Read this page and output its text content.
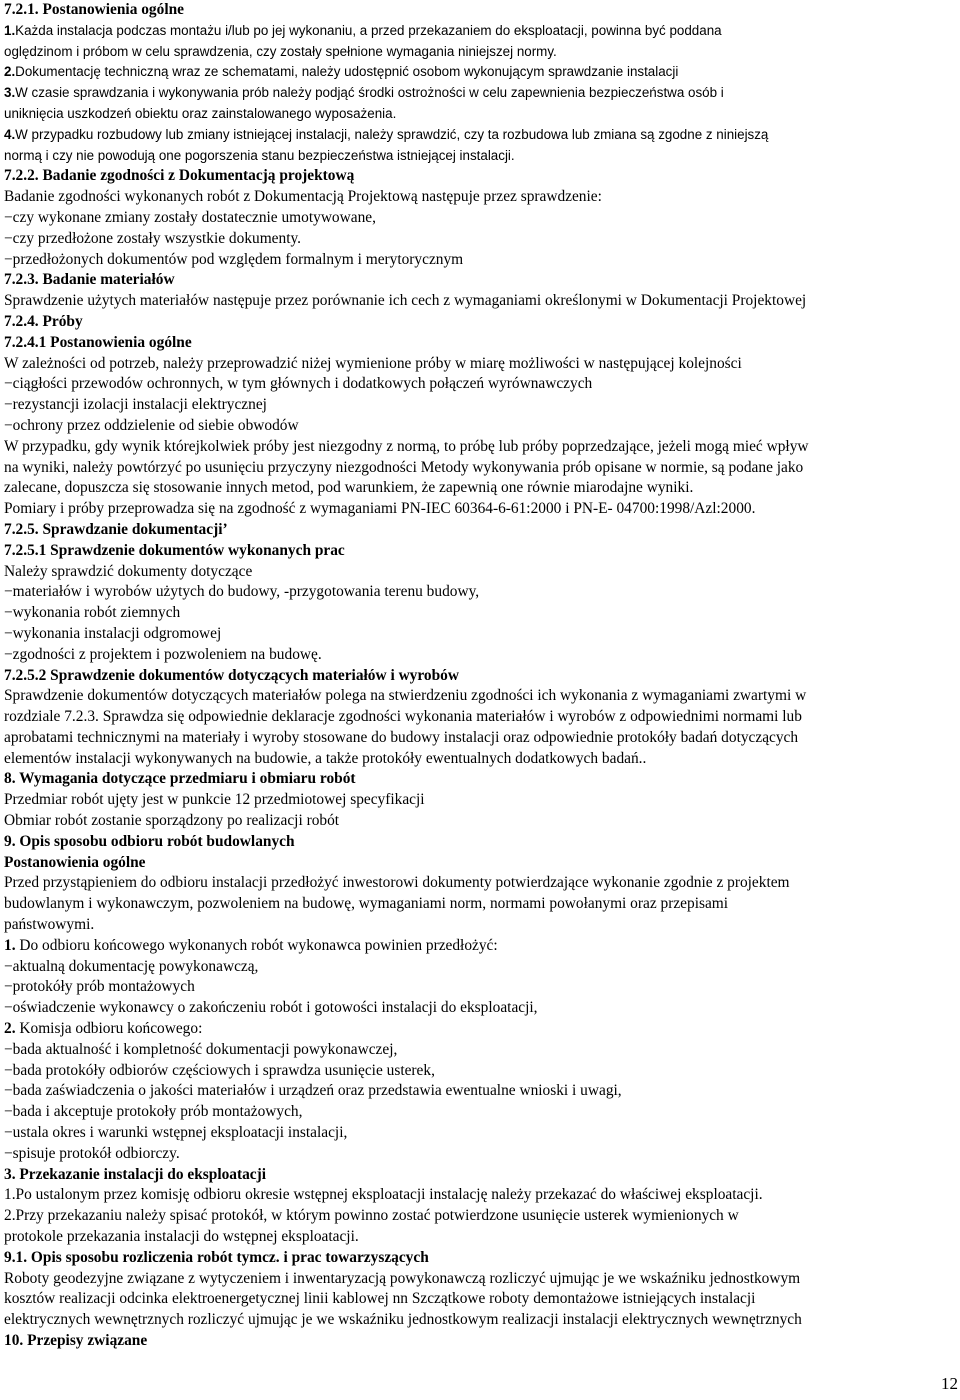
7.2.1. Postanowienia ogólne
1.Każda instalacja podczas montażu i/lub po jej wykonaniu, a przed przekazaniem do eksploatacji, powinna być poddana
oględzinom i próbom w celu sprawdzenia, czy zostały spełnione wymagania niniejszej normy.
2.Dokumentację techniczną wraz ze schematami, należy udostępnić osobom wykonującym sprawdzanie instalacji
3.W czasie sprawdzania i wykonywania prób należy podjąć środki ostrożności w celu zapewnienia bezpieczeństwa osób i
uniknięcia uszkodzeń obiektu oraz zainstalowanego wyposażenia.
4.W przypadku rozbudowy lub zmiany istniejącej instalacji, należy sprawdzić, czy ta rozbudowa lub zmiana są zgodne z niniejszą
normą i czy nie powodują one pogorszenia stanu bezpieczeństwa istniejącej instalacji.
7.2.2. Badanie zgodności z Dokumentacją projektową
Badanie zgodności wykonanych robót z Dokumentacją Projektową następuje przez sprawdzenie:
−czy wykonane zmiany zostały dostatecznie umotywowane,
−czy przedłożone zostały wszystkie dokumenty.
−przedłożonych dokumentów pod względem formalnym i merytorycznym
7.2.3. Badanie materiałów
Sprawdzenie użytych materiałów następuje przez porównanie ich cech z wymaganiami określonymi w Dokumentacji Projektowej
7.2.4. Próby
7.2.4.1 Postanowienia ogólne
W zależności od potrzeb, należy przeprowadzić niżej wymienione próby w miarę możliwości w następującej kolejności
−ciągłości przewodów ochronnych, w tym głównych i dodatkowych połączeń wyrównawczych
−rezystancji izolacji instalacji elektrycznej
−ochrony przez oddzielenie od siebie obwodów
W przypadku, gdy wynik którejkolwiek próby jest niezgodny z normą, to próbę lub próby poprzedzające, jeżeli mogą mieć wpływ
na wyniki, należy powtórzyć po usunięciu przyczyny niezgodności Metody wykonywania prób opisane w normie, są podane jako
zalecane, dopuszcza się stosowanie innych metod, pod warunkiem, że zapewnią one równie miarodajne wyniki.
Pomiary i próby przeprowadza się na zgodność z wymaganiami PN-IEC 60364-6-61:2000 i PN-E- 04700:1998/Azl:2000.
7.2.5. Sprawdzanie dokumentacji’
7.2.5.1 Sprawdzenie dokumentów wykonanych prac
Należy sprawdzić dokumenty dotyczące
−materiałów i wyrobów użytych do budowy, -przygotowania terenu budowy,
−wykonania robót ziemnych
−wykonania instalacji odgromowej
−zgodności z projektem i pozwoleniem na budowę.
7.2.5.2 Sprawdzenie dokumentów dotyczących materiałów i wyrobów
Sprawdzenie dokumentów dotyczących materiałów polega na stwierdzeniu zgodności ich wykonania z wymaganiami zwartymi w
rozdziale 7.2.3. Sprawdza się odpowiednie deklaracje zgodności wykonania materiałów i wyrobów z odpowiednimi normami lub
aprobatami technicznymi na materiały i wyroby stosowane do budowy instalacji oraz odpowiednie protokóły badań dotyczących
elementów instalacji wykonywanych na budowie, a także protokóły ewentualnych dodatkowych badań..
8. Wymagania dotyczące przedmiaru i obmiaru robót
Przedmiar robót ujęty jest w punkcie 12 przedmiotowej specyfikacji
Obmiar robót zostanie sporządzony po realizacji robót
9. Opis sposobu odbioru robót budowlanych
Postanowienia ogólne
Przed przystąpieniem do odbioru instalacji przedłożyć inwestorowi dokumenty potwierdzające wykonanie zgodnie z projektem
budowlanym i wykonawczym, pozwoleniem na budowę, wymaganiami norm, normami powołanymi oraz przepisami
państwowymi.
1. Do odbioru końcowego wykonanych robót wykonawca powinien przedłożyć:
−aktualną dokumentację powykonawczą,
−protokóły prób montażowych
−oświadczenie wykonawcy o zakończeniu robót i gotowości instalacji do eksploatacji,
2. Komisja odbioru końcowego:
−bada aktualność i kompletność dokumentacji powykonawczej,
−bada protokóły odbiorów częściowych i sprawdza usunięcie usterek,
−bada zaświadczenia o jakości materiałów i urządzeń oraz przedstawia ewentualne wnioski i uwagi,
−bada i akceptuje protokoły prób montażowych,
−ustala okres i warunki wstępnej eksploatacji instalacji,
−spisuje protokół odbiorczy.
3. Przekazanie instalacji do eksploatacji
1.Po ustalonym przez komisję odbioru okresie wstępnej eksploatacji instalację należy przekazać do właściwej eksploatacji.
2.Przy przekazaniu należy spisać protokół, w którym powinno zostać potwierdzone usunięcie usterek wymienionych w
protokole przekazania instalacji do wstępnej eksploatacji.
9.1. Opis sposobu rozliczenia robót tymcz. i prac towarzyszących
Roboty geodezyjne związane z wytyczeniem i inwentaryzacją powykonawczą rozliczyć ujmując je we wskaźniku jednostkowym
kosztów realizacji odcinka elektroenergetycznej linii kablowej nn Szczątkowe roboty demontażowe istniejących instalacji
elektrycznych wewnętrznych rozliczyć ujmując je we wskaźniku jednostkowym realizacji instalacji elektrycznych wewnętrznych
10. Przepisy związane
12
